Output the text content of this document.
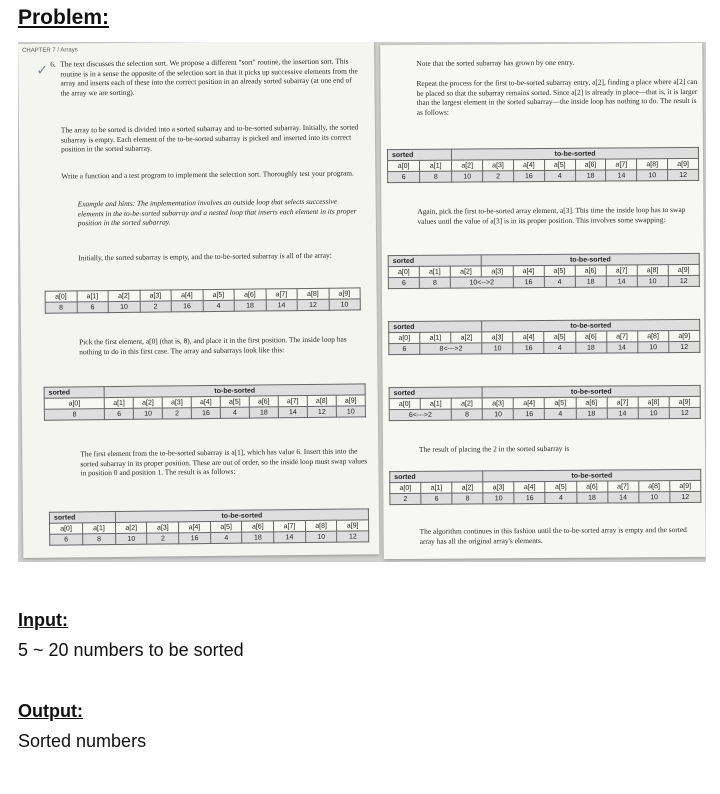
Problem:
CHAPTER 7 / Arrays
✓ 6. The text discusses the selection sort. We propose a different "sort" routine, the insertion sort. This routine is in a sense the opposite of the selection sort in that it picks up successive elements from the array and inserts each of these into the correct position in an already sorted subarray (at one end of the array we are sorting).

The array to be sorted is divided into a sorted subarray and to-be-sorted subarray. Initially, the sorted subarray is empty. Each element of the to-be-sorted subarray is picked and inserted into its correct position in the sorted subarray.

Write a function and a test program to implement the selection sort. Thoroughly test your program.

Example and hints: The implementation involves an outside loop that selects successive elements in the to-be-sorted subarray and a nested loop that inserts each element in its proper position in the sorted subarray.

Initially, the sorted subarray is empty, and the to-be-sorted subarray is all of the array:

a[0]	a[1]	a[2]	a[3]	a[4]	a[5]	a[6]	a[7]	a[8]	a[9]
8	6	10	2	16	4	18	14	12	10

Pick the first element, a[0] (that is, 8), and place it in the first position. The inside loop has nothing to do in this first case. The array and subarrays look like this:

sorted	to-be-sorted								
a[0]	a[1]	a[2]	a[3]	a[4]	a[5]	a[6]	a[7]	a[8]	a[9]
8	6	10	2	16	4	18	14	12	10

The first element from the to-be-sorted subarray is a[1], which has value 6. Insert this into the sorted subarray in its proper position. These are out of order, so the inside loop must swap values in position 0 and position 1. The result is as follows:

sorted		to-be-sorted							
a[0]	a[1]	a[2]	a[3]	a[4]	a[5]	a[6]	a[7]	a[8]	a[9]
6	8	10	2	16	4	18	14	10	12

Note that the sorted subarray has grown by one entry.

Repeat the process for the first to-be-sorted subarray entry, a[2], finding a place where a[2] can be placed so that the subarray remains sorted. Since a[2] is already in place—that is, it is larger than the largest element in the sorted subarray—the inside loop has nothing to do. The result is as follows:

sorted		to-be-sorted							
a[0]	a[1]	a[2]	a[3]	a[4]	a[5]	a[6]	a[7]	a[8]	a[9]
6	8	10	2	16	4	18	14	10	12

Again, pick the first to-be-sorted array element, a[3]. This time the inside loop has to swap values until the value of a[3] is in its proper position. This involves some swapping:

sorted			to-be-sorted						
a[0]	a[1]	a[2]	a[3]	a[4]	a[5]	a[6]	a[7]	a[8]	a[9]
6	8	10<-->2		16	4	18	14	10	12
sorted			to-be-sorted						
a[0]	a[1]	a[2]	a[3]	a[4]	a[5]	a[6]	a[7]	a[8]	a[9]
6	8<--->2		10	16	4	18	14	10	12
sorted			to-be-sorted						
a[0]	a[1]	a[2]	a[3]	a[4]	a[5]	a[6]	a[7]	a[8]	a[9]
6<--->2		8	10	16	4	18	14	10	12

The result of placing the 2 in the sorted subarray is

sorted			to-be-sorted						
a[0]	a[1]	a[2]	a[3]	a[4]	a[5]	a[6]	a[7]	a[8]	a[9]
2	6	8	10	16	4	18	14	10	12

The algorithm continues in this fashion until the to-be-sorted array is empty and the sorted array has all the original array's elements.

Input:
5 ~ 20 numbers to be sorted
Output:
Sorted numbers
